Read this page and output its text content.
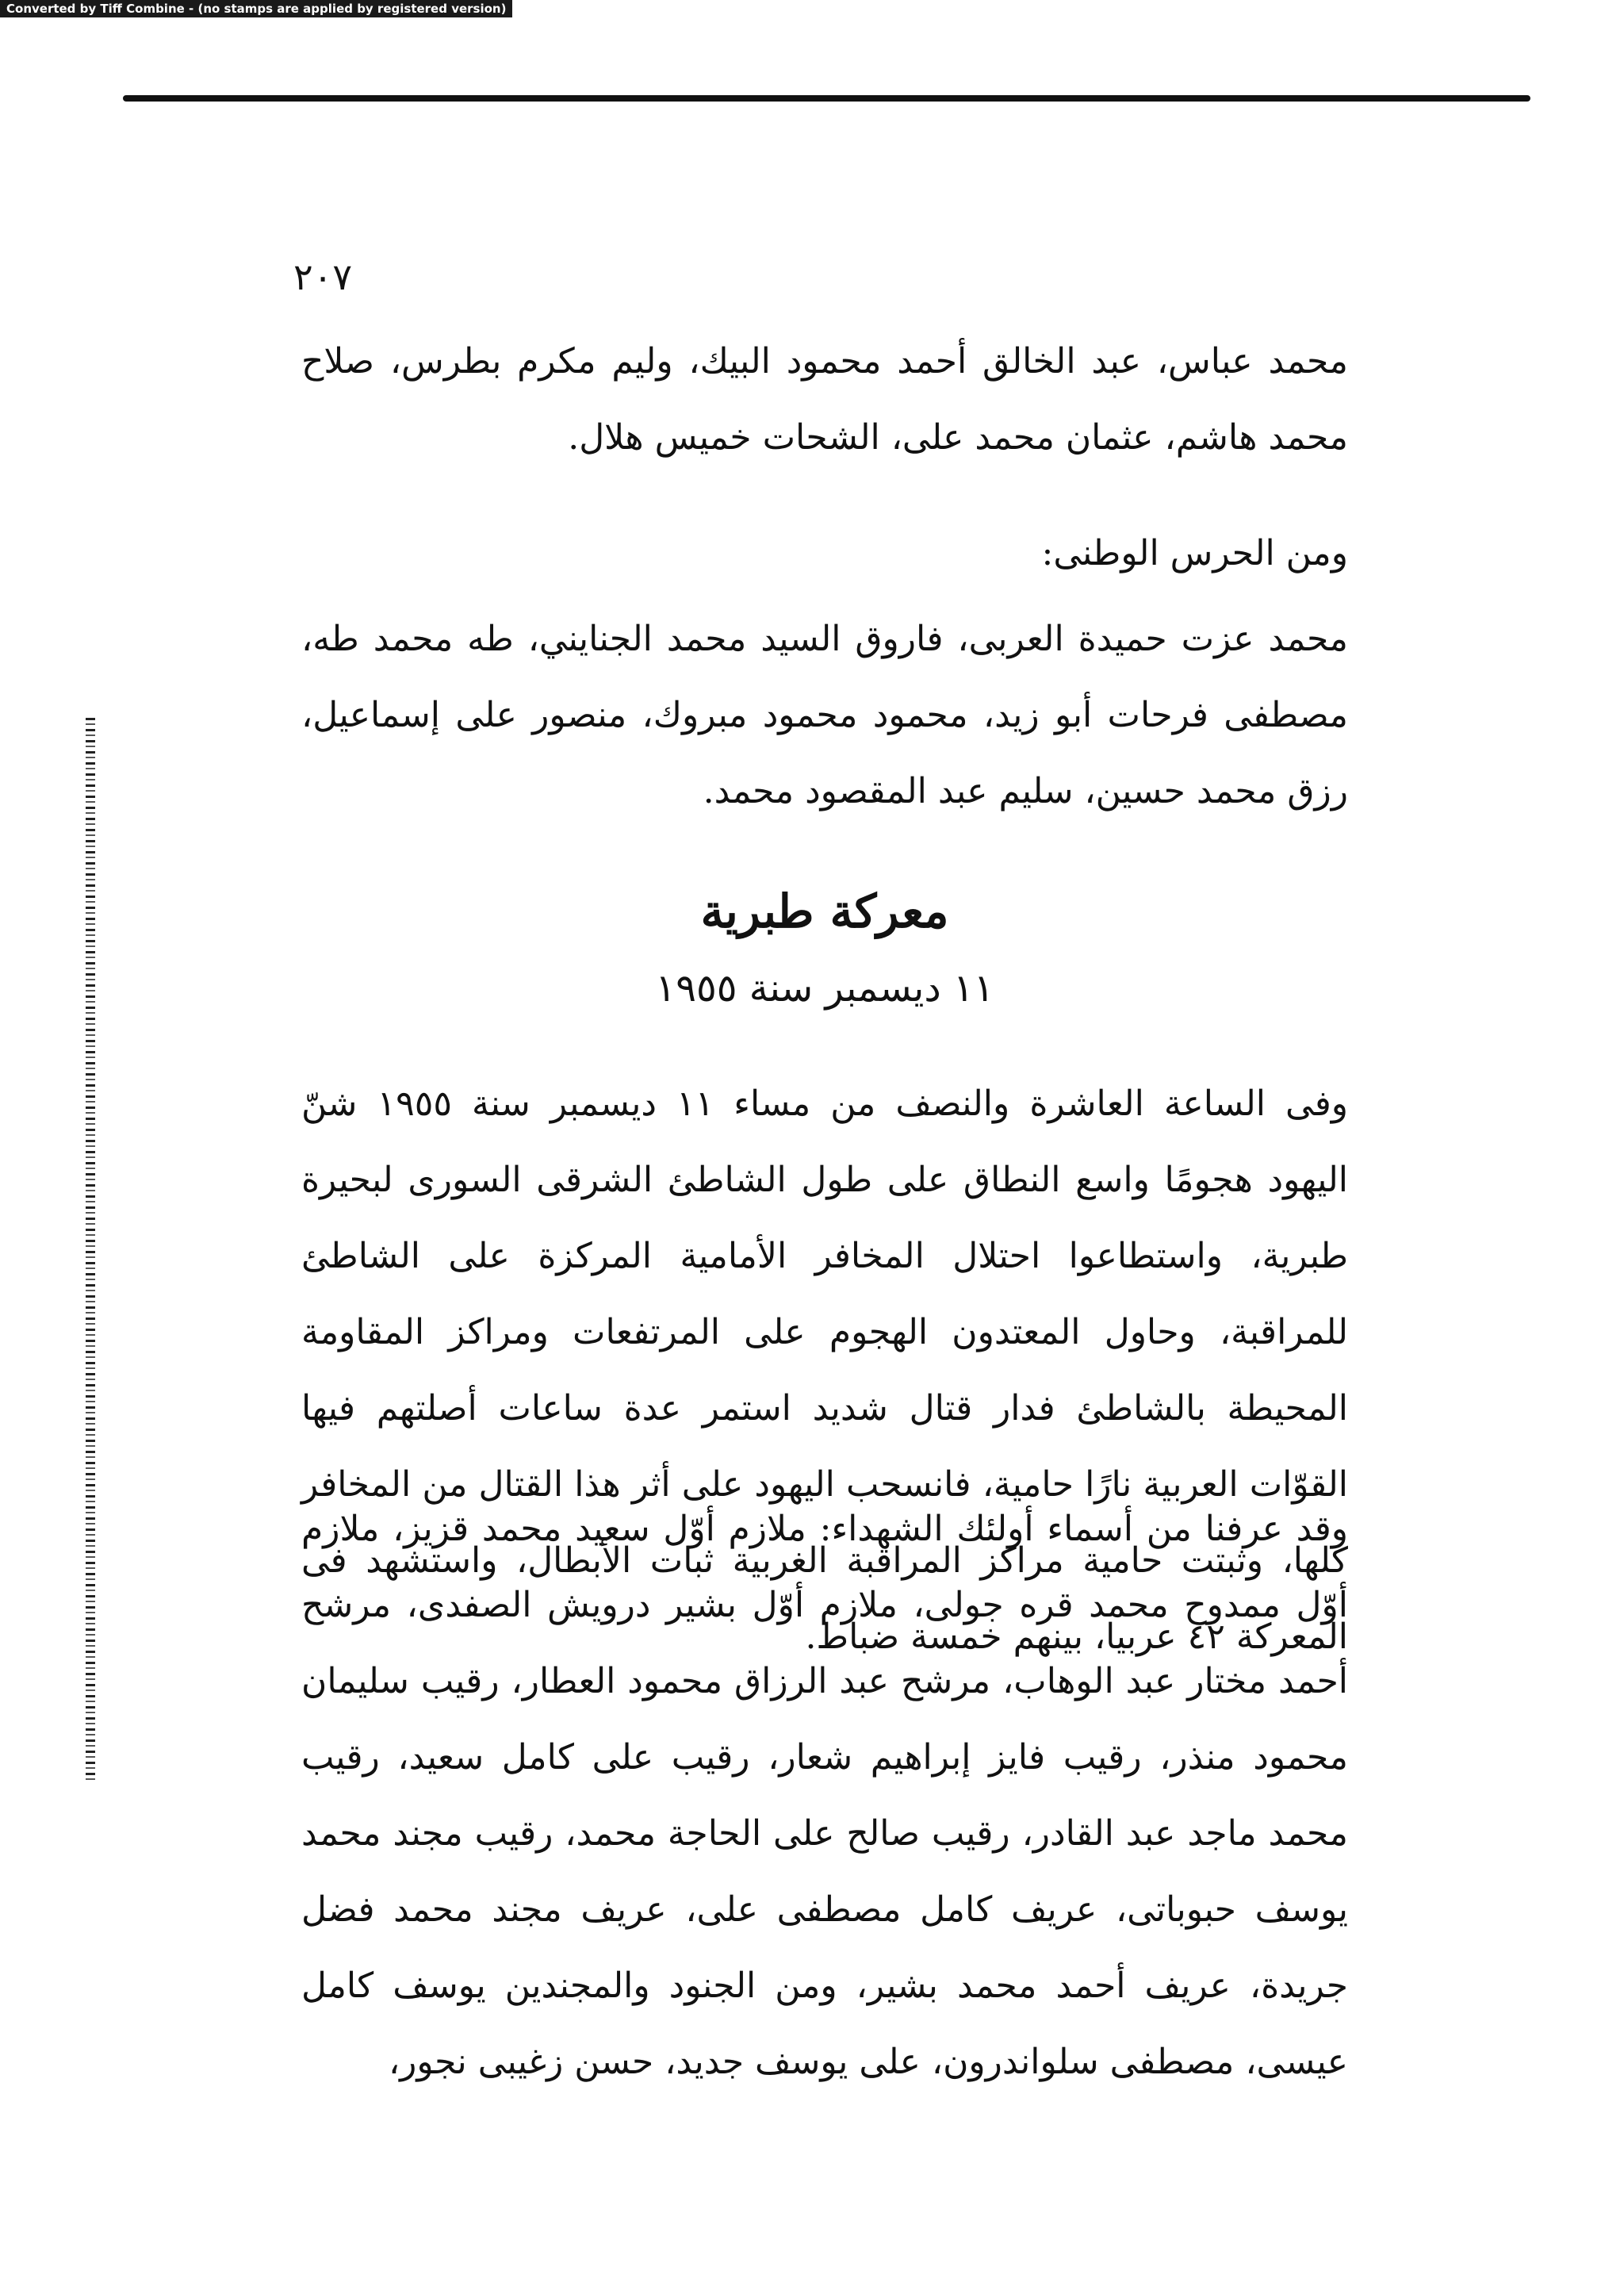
Converted by Tiff Combine - (no stamps are applied by registered version)
٢٠٧

محمد عباس، عبد الخالق أحمد محمود البيك، وليم مكرم بطرس، صلاح محمد هاشم، عثمان محمد على، الشحات خميس هلال.

ومن الحرس الوطنى:

محمد عزت حميدة العربى، فاروق السيد محمد الجنايني، طه محمد طه، مصطفى فرحات أبو زيد، محمود محمود مبروك، منصور على إسماعيل، رزق محمد حسين، سليم عبد المقصود محمد.

معركة طبرية
١١ ديسمبر سنة ١٩٥٥

وفى الساعة العاشرة والنصف من مساء ١١ ديسمبر سنة ١٩٥٥ شنّ اليهود هجومًا واسع النطاق على طول الشاطئ الشرقى السورى لبحيرة طبرية، واستطاعوا احتلال المخافر الأمامية المركزة على الشاطئ للمراقبة، وحاول المعتدون الهجوم على المرتفعات ومراكز المقاومة المحيطة بالشاطئ فدار قتال شديد استمر عدة ساعات أصلتهم فيها القوّات العربية نارًا حامية، فانسحب اليهود على أثر هذا القتال من المخافر كلها، وثبتت حامية مراكز المراقبة الغربية ثبات الأبطال، واستشهد فى المعركة ٤٢ عربيا، بينهم خمسة ضباط.

وقد عرفنا من أسماء أولئك الشهداء: ملازم أوّل سعيد محمد قزيز، ملازم أوّل ممدوح محمد قره جولى، ملازم أوّل بشير درويش الصفدى، مرشح أحمد مختار عبد الوهاب، مرشح عبد الرزاق محمود العطار، رقيب سليمان محمود منذر، رقيب فايز إبراهيم شعار، رقيب على كامل سعيد، رقيب محمد ماجد عبد القادر، رقيب صالح على الحاجة محمد، رقيب مجند محمد يوسف حبوباتى، عريف كامل مصطفى على، عريف مجند محمد فضل جريدة، عريف أحمد محمد بشير، ومن الجنود والمجندين يوسف كامل عيسى، مصطفى سلواندرون، على يوسف جديد، حسن زغيبى نجور،
